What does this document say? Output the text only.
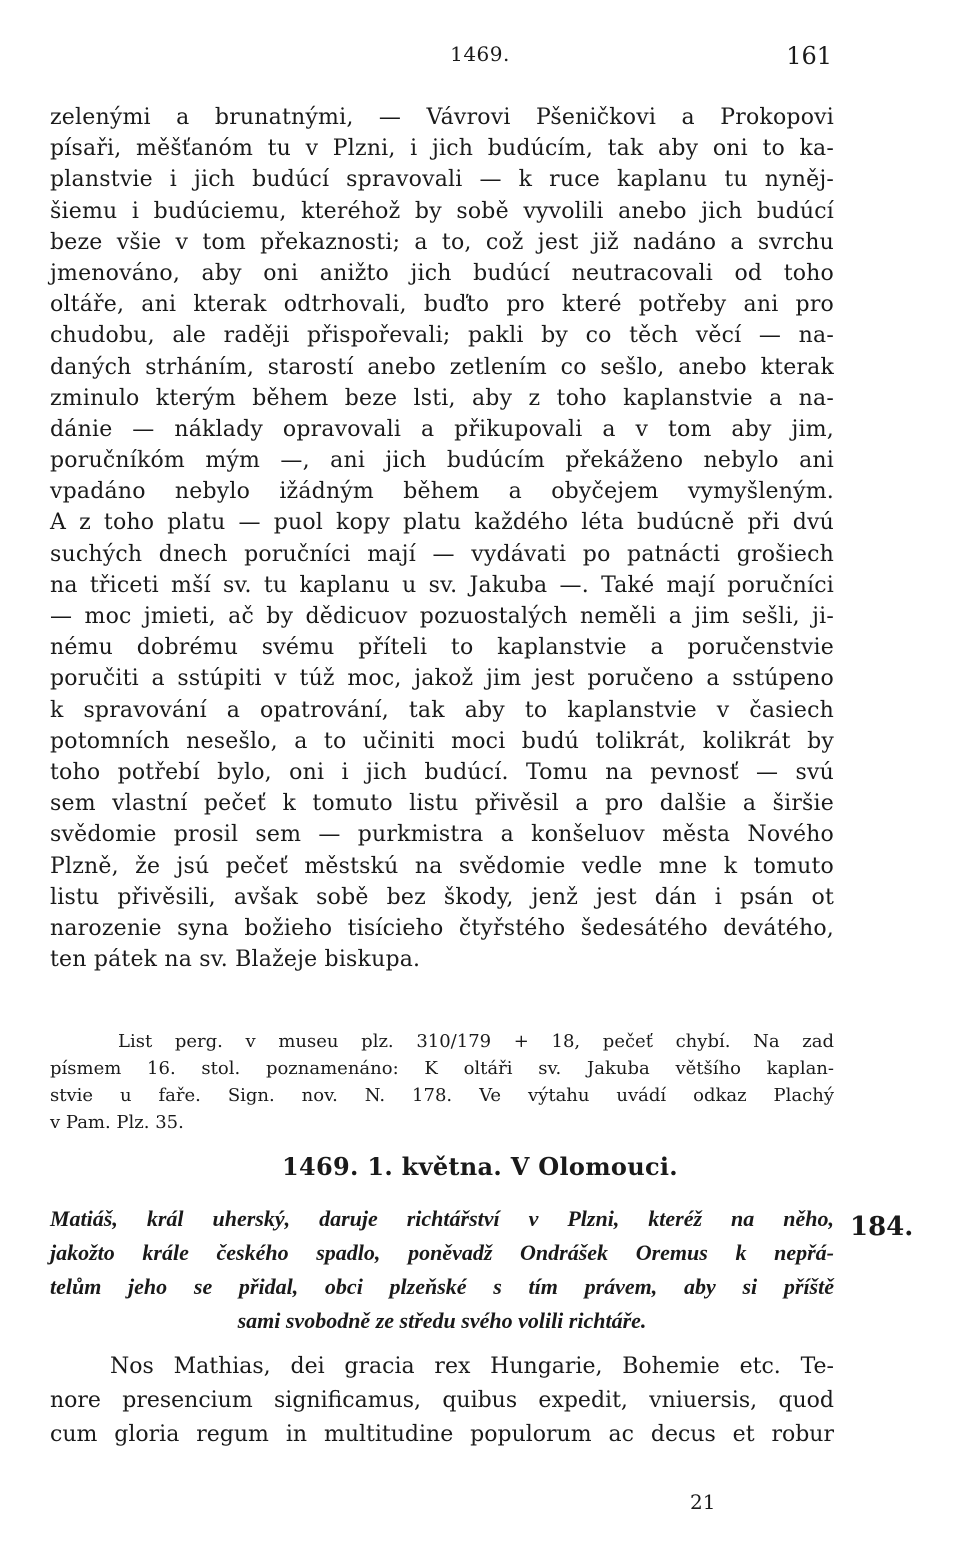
1469.	161
zelenými a brunatnými, — Vávrovi Pšeničkovi a Prokopovi
písaři, měšťanóm tu v Plzni, i jich budúcím, tak aby oni to ka-
planstvie i jich budúcí spravovali — k ruce kaplanu tu nyněj-
šiemu i budúciemu, kteréhož by sobě vyvolili anebo jich budúcí
beze všie v tom překaznosti; a to, což jest již nadáno a svrchu
jmenováno, aby oni anižto jich budúcí neutracovali od toho
oltáře, ani kterak odtrhovali, buďto pro které potřeby ani pro
chudobu, ale raději přispořevali; pakli by co těch věcí — na-
daných strháním, starostí anebo zetlením co sešlo, anebo kterak
zminulo kterým během beze lsti, aby z toho kaplanstvie a na-
dánie — náklady opravovali a přikupovali a v tom aby jim,
poručníkóm mým —, ani jich budúcím překáženo nebylo ani
vpadáno nebylo ižádným během a obyčejem vymyšleným.
A z toho platu — puol kopy platu každého léta budúcně při dvú
suchých dnech poručníci mají — vydávati po patnácti grošiech
na třiceti mší sv. tu kaplanu u sv. Jakuba —. Také mají poručníci
— moc jmieti, ač by dědicuov pozuostalých neměli a jim sešli, ji-
nému dobrému svému příteli to kaplanstvie a poručenstvie
poručiti a sstúpiti v túž moc, jakož jim jest poručeno a sstúpeno
k spravování a opatrování, tak aby to kaplanstvie v časiech
potomních nesešlo, a to učiniti moci budú tolikrát, kolikrát by
toho potřebí bylo, oni i jich budúcí. Tomu na pevnosť — svú
sem vlastní pečeť k tomuto listu přivěsil a pro dalšie a širšie
svědomie prosil sem — purkmistra a konšeluov města Nového
Plzně, že jsú pečeť městskú na svědomie vedle mne k tomuto
listu přivěsili, avšak sobě bez škody, jenž jest dán i psán ot
narozenie syna božieho tisícieho čtyřstého šedesátého devátého,
ten pátek na sv. Blažeje biskupa.
List perg. v museu plz. 310/179 + 18, pečeť chybí. Na zad
písmem 16. stol. poznamenáno: K oltáři sv. Jakuba většího kaplan-
stvie u faře. Sign. nov. N. 178. Ve výtahu uvádí odkaz Plachý
v Pam. Plz. 35.
1469. 1. května. V Olomouci.
184.
Matiáš, král uherský, daruje richtářství v Plzni, kteréž na něho,
jakožto krále českého spadlo, poněvadž Ondrášek Oremus k nepřá-
telům jeho se přidal, obci plzeňské s tím právem, aby si příště
sami svobodně ze středu svého volili richtáře.
Nos Mathias, dei gracia rex Hungarie, Bohemie etc. Te-
nore presencium significamus, quibus expedit, vniuersis, quod
cum gloria regum in multitudine populorum ac decus et robur
21
